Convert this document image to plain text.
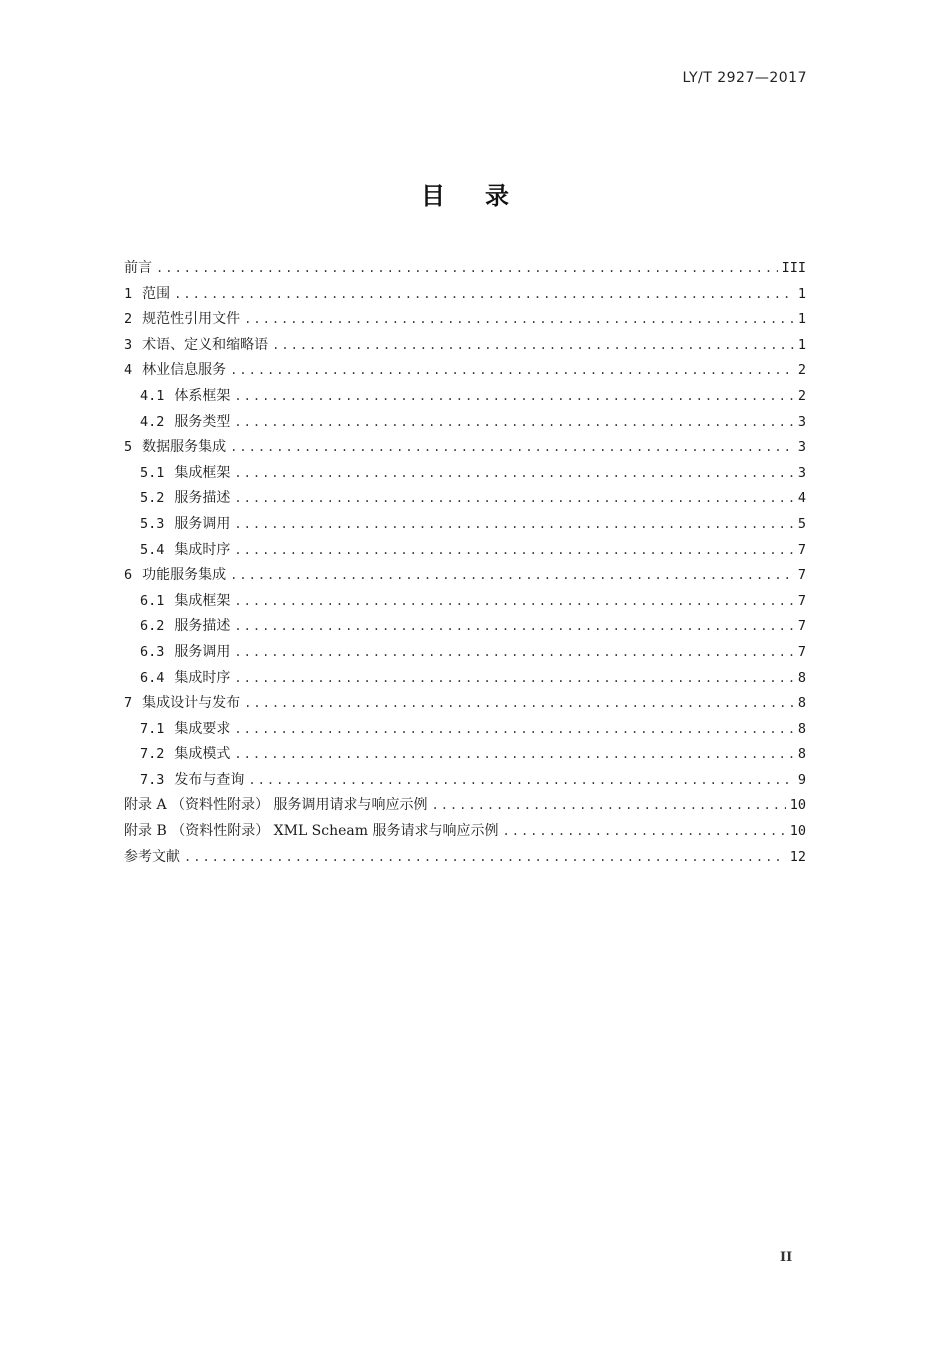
LY/T 2927—2017
目录
前言 .....	III
1 范围 .....	1
2 规范性引用文件 .....	1
3 术语、定义和缩略语 .....	1
4 林业信息服务 .....	2
4.1 体系框架 .....	2
4.2 服务类型 .....	3
5 数据服务集成 .....	3
5.1 集成框架 .....	3
5.2 服务描述 .....	4
5.3 服务调用 .....	5
5.4 集成时序 .....	7
6 功能服务集成 .....	7
6.1 集成框架 .....	7
6.2 服务描述 .....	7
6.3 服务调用 .....	7
6.4 集成时序 .....	8
7 集成设计与发布 .....	8
7.1 集成要求 .....	8
7.2 集成模式 .....	8
7.3 发布与查询 .....	9
附录 A （资料性附录） 服务调用请求与响应示例 .....	10
附录 B （资料性附录） XML Scheam 服务请求与响应示例 .....	10
参考文献 .....	12
II
